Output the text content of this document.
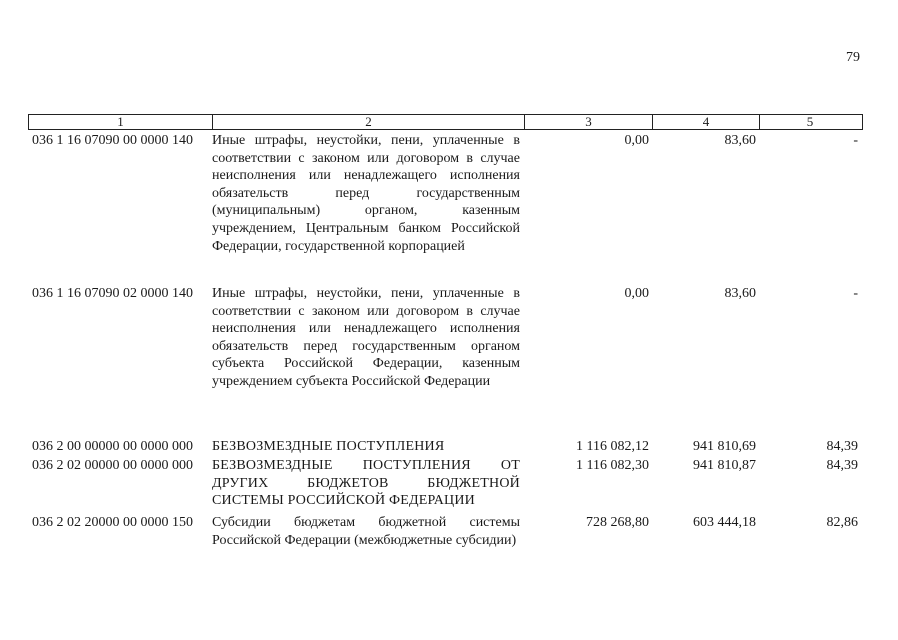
79
1	2	3	4	5
036 1 16 07090 00 0000 140 Иные штрафы, неустойки, пени, уплаченные в соответствии с законом или договором в случае неисполнения или ненадлежащего исполнения обязательств перед государственным (муниципальным) органом, казенным учреждением, Центральным банком Российской Федерации, государственной корпорацией
0,00	83,60	-
036 1 16 07090 02 0000 140 Иные штрафы, неустойки, пени, уплаченные в соответствии с законом или договором в случае неисполнения или ненадлежащего исполнения обязательств перед государственным органом субъекта Российской Федерации, казенным учреждением субъекта Российской Федерации
0,00	83,60	-
036 2 00 00000 00 0000 000 БЕЗВОЗМЕЗДНЫЕ ПОСТУПЛЕНИЯ	1 116 082,12	941 810,69	84,39
036 2 02 00000 00 0000 000 БЕЗВОЗМЕЗДНЫЕ ПОСТУПЛЕНИЯ ОТ ДРУГИХ БЮДЖЕТОВ БЮДЖЕТНОЙ СИСТЕМЫ РОССИЙСКОЙ ФЕДЕРАЦИИ
1 116 082,30	941 810,87	84,39
036 2 02 20000 00 0000 150 Субсидии бюджетам бюджетной системы Российской Федерации (межбюджетные субсидии)
728 268,80	603 444,18	82,86
